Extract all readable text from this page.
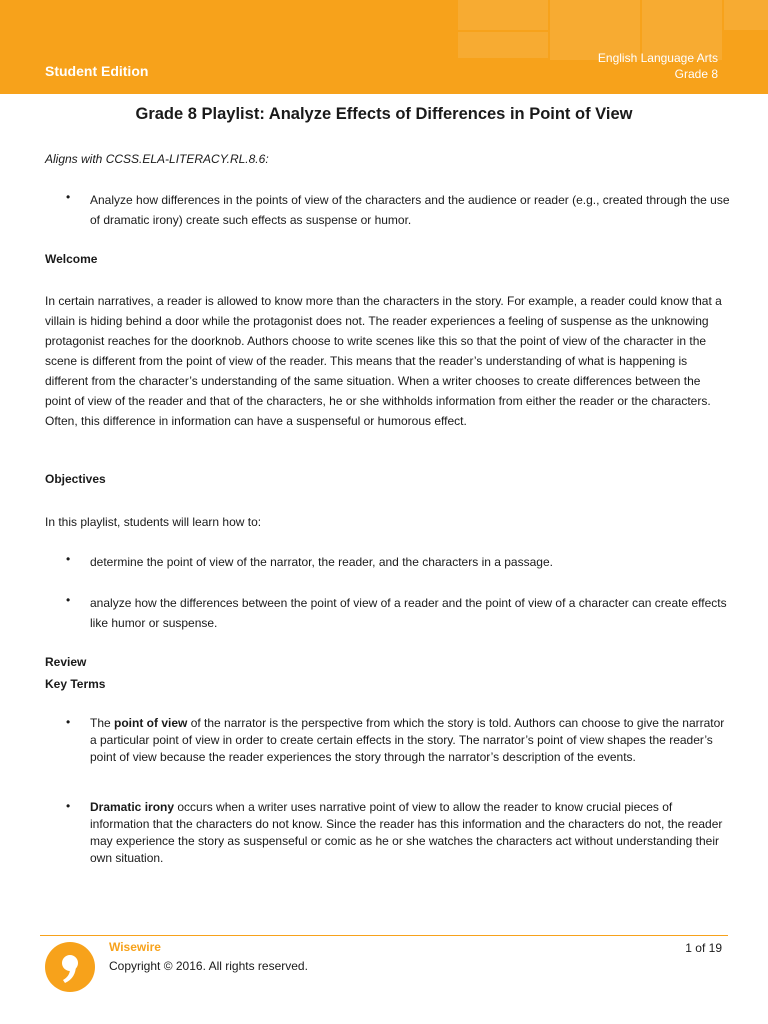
Student Edition
English Language Arts
Grade 8
Grade 8 Playlist: Analyze Effects of Differences in Point of View
Aligns with CCSS.ELA-LITERACY.RL.8.6:
• Analyze how differences in the points of view of the characters and the audience or reader (e.g., created through the use of dramatic irony) create such effects as suspense or humor.
Welcome
In certain narratives, a reader is allowed to know more than the characters in the story. For example, a reader could know that a villain is hiding behind a door while the protagonist does not. The reader experiences a feeling of suspense as the unknowing protagonist reaches for the doorknob. Authors choose to write scenes like this so that the point of view of the character in the scene is different from the point of view of the reader. This means that the reader’s understanding of what is happening is different from the character’s understanding of the same situation. When a writer chooses to create differences between the point of view of the reader and that of the characters, he or she withholds information from either the reader or the characters. Often, this difference in information can have a suspenseful or humorous effect.
Objectives
In this playlist, students will learn how to:
• determine the point of view of the narrator, the reader, and the characters in a passage.
• analyze how the differences between the point of view of a reader and the point of view of a character can create effects like humor or suspense.
Review
Key Terms
• The point of view of the narrator is the perspective from which the story is told. Authors can choose to give the narrator a particular point of view in order to create certain effects in the story. The narrator’s point of view shapes the reader’s point of view because the reader experiences the story through the narrator’s description of the events.
• Dramatic irony occurs when a writer uses narrative point of view to allow the reader to know crucial pieces of information that the characters do not know. Since the reader has this information and the characters do not, the reader may experience the story as suspenseful or comic as he or she watches the characters act without understanding their own situation.
Wisewire
Copyright © 2016. All rights reserved.
1 of 19
